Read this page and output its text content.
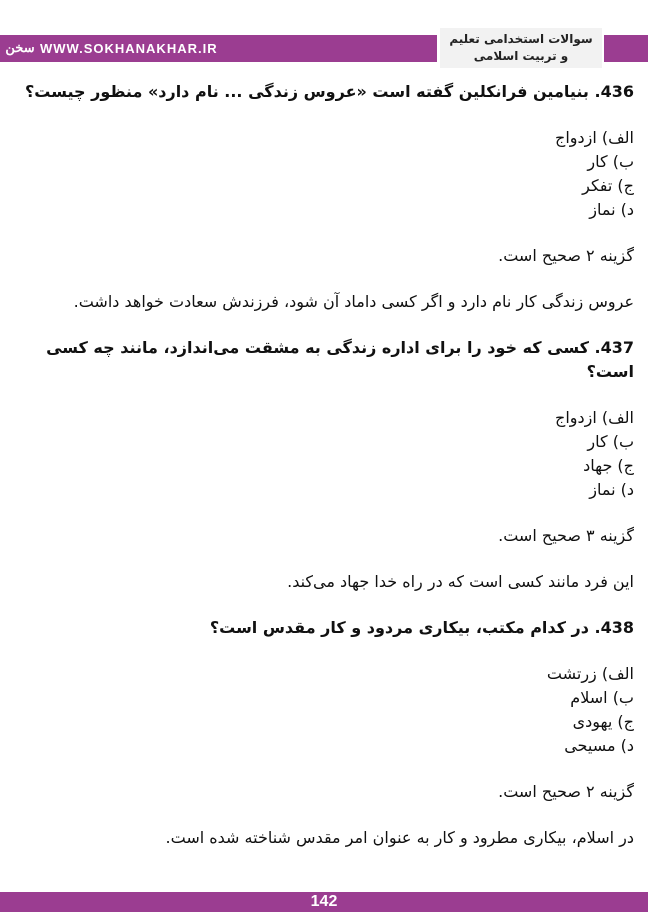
سخن WWW.SOKHANAKHAR.IR
سوالات استخدامی تعلیم
و تربیت اسلامی

436. بنیامین فرانکلین گفته است «عروس زندگی ... نام دارد» منظور چیست؟

الف) ازدواج

ب) کار

ج) تفکر

د) نماز

گزینه ۲ صحیح است.

عروس زندگی کار نام دارد و اگر کسی داماد آن شود، فرزندش سعادت خواهد داشت.

437. کسی که خود را برای اداره زندگی به مشقت می‌اندازد، مانند چه کسی است؟

الف) ازدواج

ب) کار

ج) جهاد

د) نماز

گزینه ۳ صحیح است.

این فرد مانند کسی است که در راه خدا جهاد می‌کند.

438. در کدام مکتب، بیکاری مردود و کار مقدس است؟

الف) زرتشت

ب) اسلام

ج) یهودی

د) مسیحی

گزینه ۲ صحیح است.

در اسلام، بیکاری مطرود و کار به عنوان امر مقدس شناخته شده است.

142
